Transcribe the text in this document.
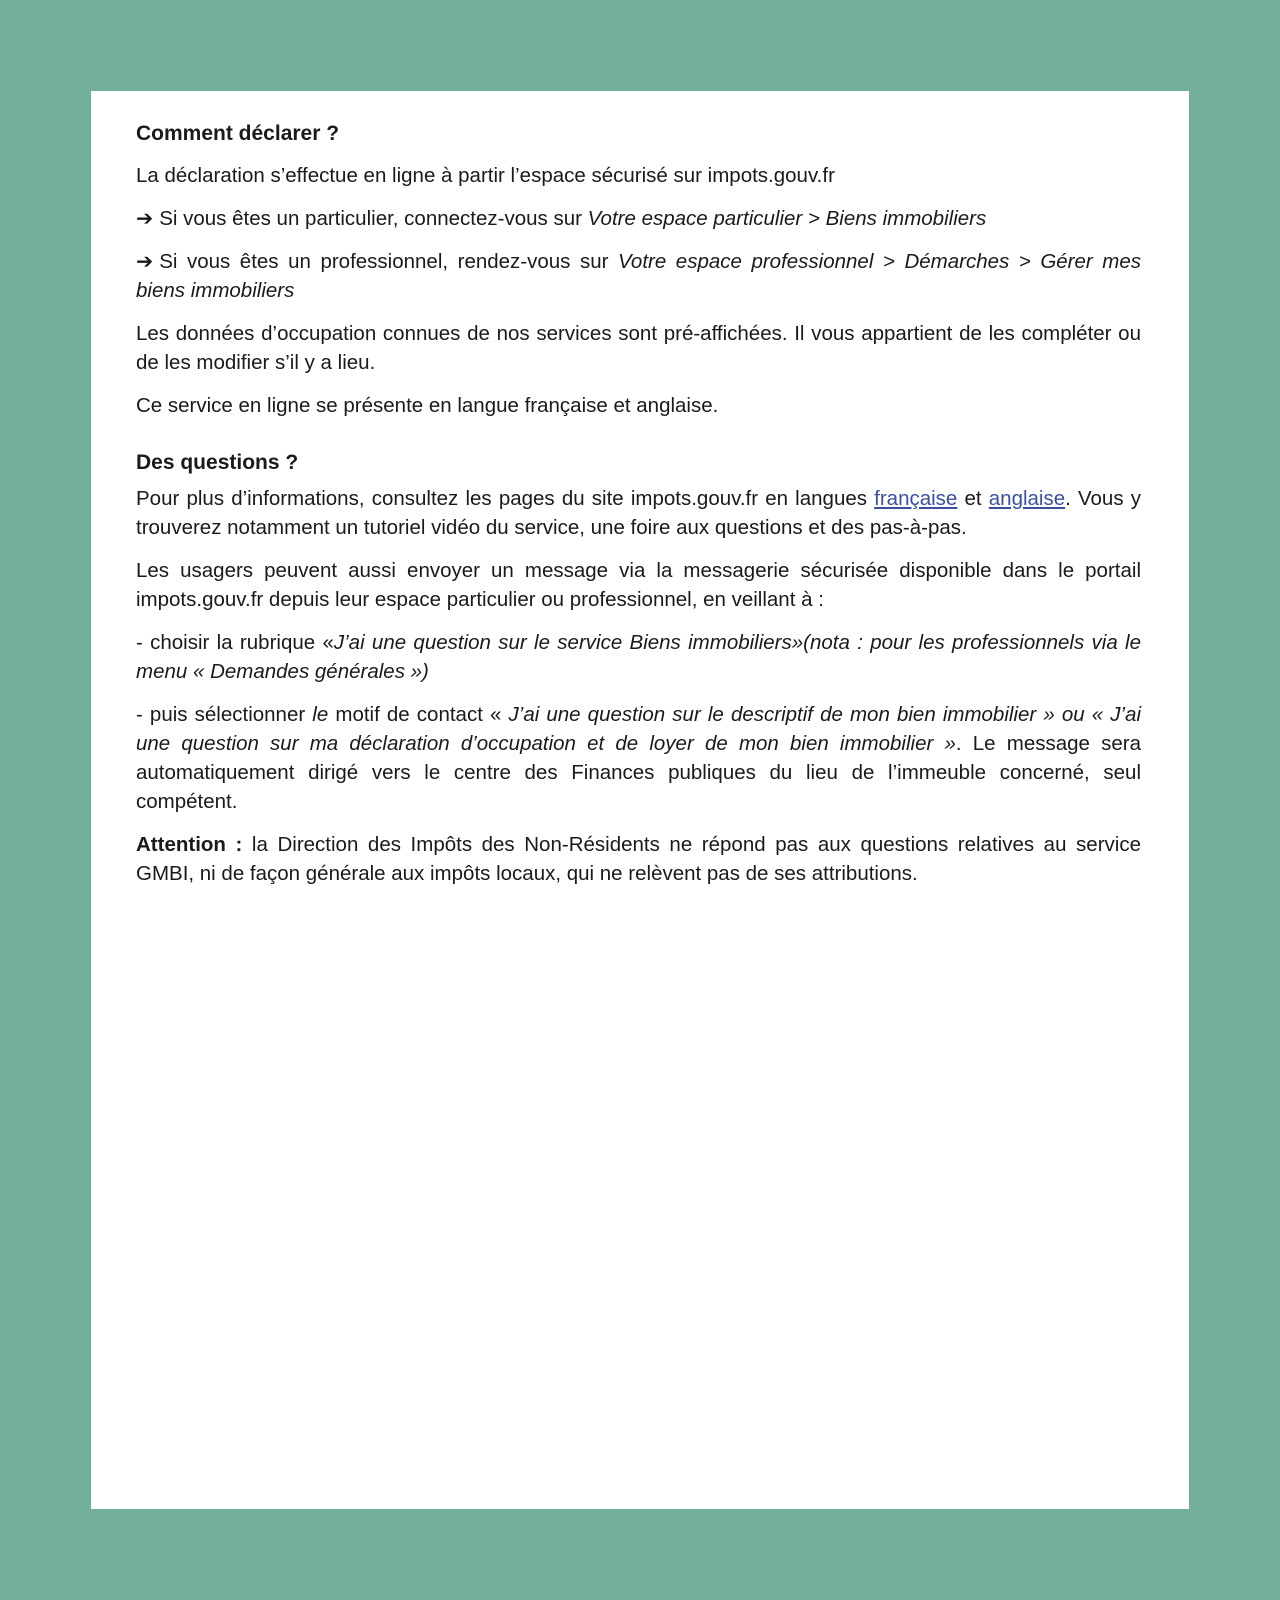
Comment déclarer ?

La déclaration s’effectue en ligne à partir l’espace sécurisé sur impots.gouv.fr

➔ Si vous êtes un particulier, connectez-vous sur Votre espace particulier > Biens immobiliers

➔ Si vous êtes un professionnel, rendez-vous sur Votre espace professionnel > Démarches > Gérer mes biens immobiliers

Les données d’occupation connues de nos services sont pré-affichées. Il vous appartient de les compléter ou de les modifier s’il y a lieu.

Ce service en ligne se présente en langue française et anglaise.

Des questions ?

Pour plus d’informations, consultez les pages du site impots.gouv.fr en langues française et anglaise. Vous y trouverez notamment un tutoriel vidéo du service, une foire aux questions et des pas-à-pas.

Les usagers peuvent aussi envoyer un message via la messagerie sécurisée disponible dans le portail impots.gouv.fr depuis leur espace particulier ou professionnel, en veillant à :

- choisir la rubrique «J’ai une question sur le service Biens immobiliers»(nota : pour les professionnels via le menu « Demandes générales »)

- puis sélectionner le motif de contact « J’ai une question sur le descriptif de mon bien immobilier » ou « J’ai une question sur ma déclaration d’occupation et de loyer de mon bien immobilier ». Le message sera automatiquement dirigé vers le centre des Finances publiques du lieu de l’immeuble concerné, seul compétent.

Attention : la Direction des Impôts des Non-Résidents ne répond pas aux questions relatives au service GMBI, ni de façon générale aux impôts locaux, qui ne relèvent pas de ses attributions.
